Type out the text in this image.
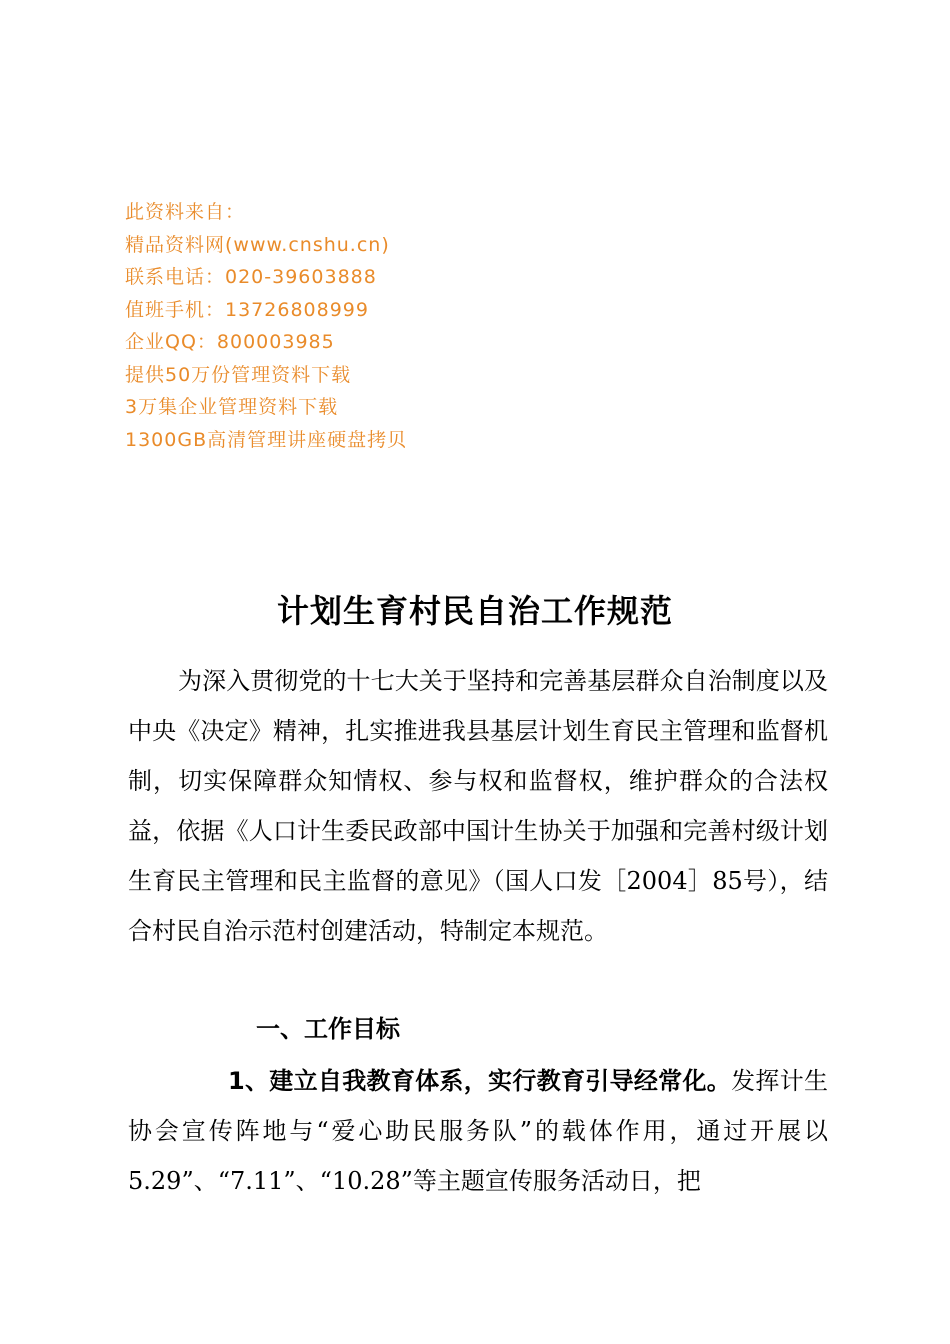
此资料来自：
精品资料网(www.cnshu.cn)
联系电话：020-39603888
值班手机：13726808999
企业QQ：800003985
提供50万份管理资料下载
3万集企业管理资料下载
1300GB高清管理讲座硬盘拷贝
计划生育村民自治工作规范

为深入贯彻党的十七大关于坚持和完善基层群众自治制度以及中央《决定》精神，扎实推进我县基层计划生育民主管理和监督机制，切实保障群众知情权、参与权和监督权，维护群众的合法权益，依据《人口计生委民政部中国计生协关于加强和完善村级计划生育民主管理和民主监督的意见》（国人口发［2004］85号），结合村民自治示范村创建活动，特制定本规范。

一、工作目标

1、建立自我教育体系，实行教育引导经常化。发挥计生协会宣传阵地与“爱心助民服务队”的载体作用，通过开展以5.29”、“7.11”、“10.28”等主题宣传服务活动日，把
